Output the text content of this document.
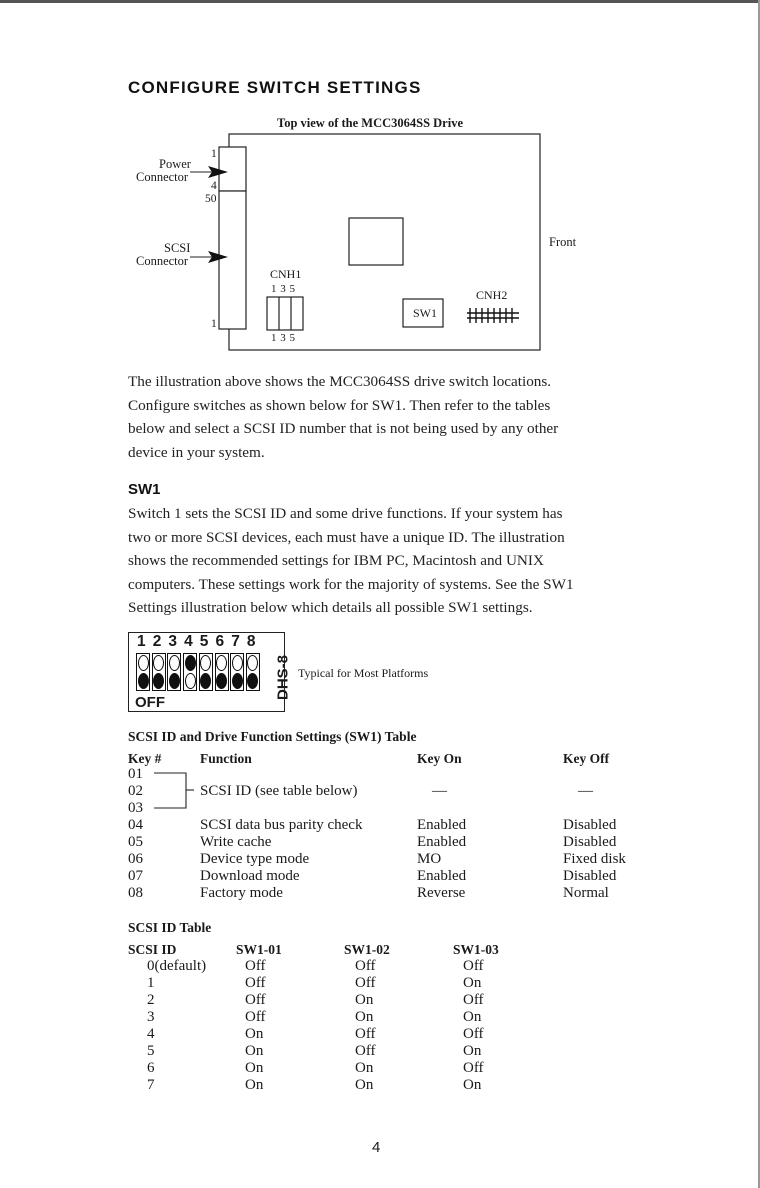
CONFIGURE SWITCH SETTINGS
Top view of the MCC3064SS Drive
Power
Connector
1
4
50
SCSI
Connector
1
Front
CNH1
1 3 5
1 3 5
CNH2
SW1

The illustration above shows the MCC3064SS drive switch locations.

Configure switches as shown below for SW1. Then refer to the tables

below and select a SCSI ID number that is not being used by any other

device in your system.

SW1

Switch 1 sets the SCSI ID and some drive functions. If your system has

two or more SCSI devices, each must have a unique ID. The illustration

shows the recommended settings for IBM PC, Macintosh and UNIX

computers. These settings work for the majority of systems. See the SW1

Settings illustration below which details all possible SW1 settings.

1 2 3 4 5 6 7 8
OFF
DHS-8 Typical for Most Platforms
SCSI ID and Drive Function Settings (SW1) Table
Key #	Function	Key On	Key Off
01
02	SCSI ID (see table below)	—	—
03
04	SCSI data bus parity check	Enabled	Disabled
05	Write cache	Enabled	Disabled
06	Device type mode	MO	Fixed disk
07	Download mode	Enabled	Disabled
08	Factory mode	Reverse	Normal
SCSI ID Table
SCSI ID	SW1-01	SW1-02	SW1-03
0(default)	Off	Off	Off
1	Off	Off	On
2	Off	On	Off
3	Off	On	On
4	On	Off	Off
5	On	Off	On
6	On	On	Off
7	On	On	On
4
